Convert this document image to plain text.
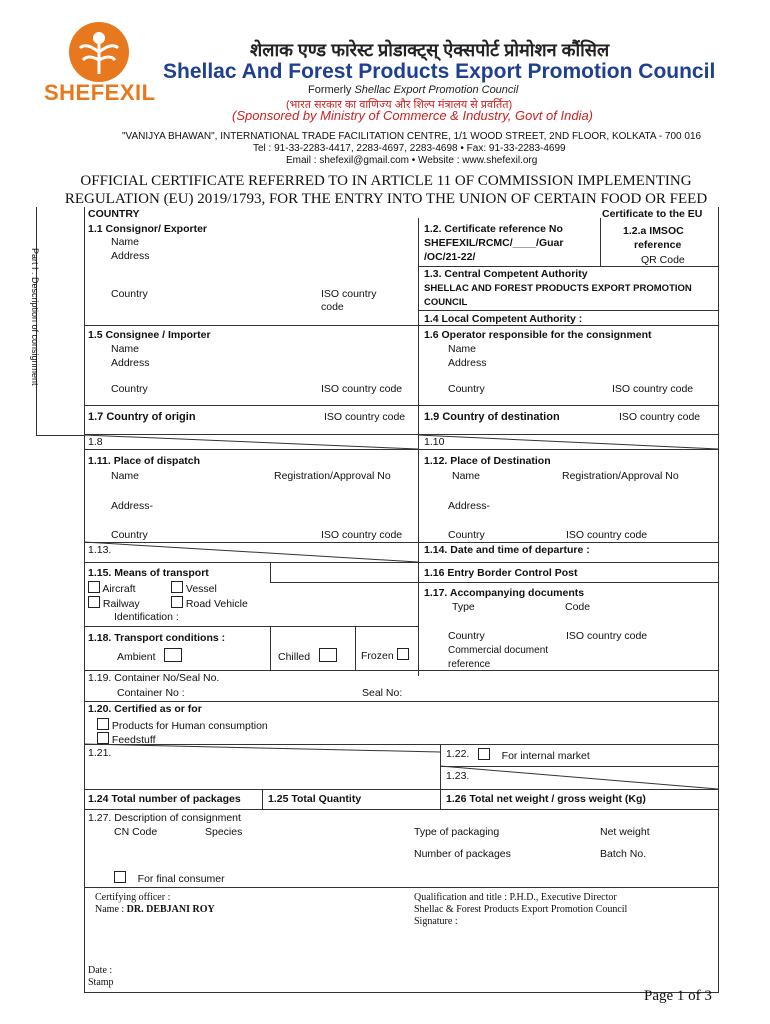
SHEFEXIL
शेलाक एण्ड फारेस्ट प्रोडाक्ट्स् ऐक्सपोर्ट प्रोमोशन कौंसिल
Shellac And Forest Products Export Promotion Council
Formerly Shellac Export Promotion Council
(भारत सरकार का वाणिज्य और शिल्प मंत्रालय से प्रवर्तित)
(Sponsored by Ministry of Commerce & Industry, Govt of India)
"VANIJYA BHAWAN", INTERNATIONAL TRADE FACILITATION CENTRE, 1/1 WOOD STREET, 2ND FLOOR, KOLKATA - 700 016
Tel : 91-33-2283-4417, 2283-4697, 2283-4698 • Fax: 91-33-2283-4699
Email : shefexil@gmail.com • Website : www.shefexil.org
OFFICIAL CERTIFICATE REFERRED TO IN ARTICLE 11 OF COMMISSION IMPLEMENTING
REGULATION (EU) 2019/1793, FOR THE ENTRY INTO THE UNION OF CERTAIN FOOD OR FEED
Part I : Description of consignment
COUNTRY	Certificate to the EU
1.1 Consignor/ Exporter
Name
Address
Country	ISO country
code
1.2. Certificate reference No
SHEFEXIL/RCMC/____/Guar
/OC/21-22/
1.2.a IMSOC
reference
QR Code
1.3. Central Competent Authority
SHELLAC AND FOREST PRODUCTS EXPORT PROMOTION
COUNCIL
1.4 Local Competent Authority :
1.5 Consignee / Importer
Name
Address
Country	ISO country code
1.6 Operator responsible for the consignment
Name
Address
Country	ISO country code
1.7 Country of origin	ISO country code 1.9 Country of destination	ISO country code
1.8	1.10
1.11. Place of dispatch
Name	Registration/Approval No
Address-
Country	ISO country code
1.12. Place of Destination
Name	Registration/Approval No
Address-
Country	ISO country code
1.13.	1.14. Date and time of departure :
1.15. Means of transport
Aircraft	Vessel
Railway	Road Vehicle
Identification :
1.16 Entry Border Control Post
1.17. Accompanying documents
Type	Code
Country	ISO country code
Commercial document
reference
1.18. Transport conditions :
Ambient	Chilled	Frozen
1.19. Container No/Seal No.
Container No :	Seal No:
1.20. Certified as or for
Products for Human consumption
Feedstuff
1.21.	1.22.	For internal market
1.23.
1.24 Total number of packages	1.25 Total Quantity	1.26 Total net weight / gross weight (Kg)
1.27. Description of consignment
CN Code	Species	Type of packaging	Net weight
Number of packages	Batch No.
For final consumer
Certifying officer :
Name : DR. DEBJANI ROY
Qualification and title : P.H.D., Executive Director
Shellac & Forest Products Export Promotion Council
Signature :
Date :
Stamp
Page 1 of 3
